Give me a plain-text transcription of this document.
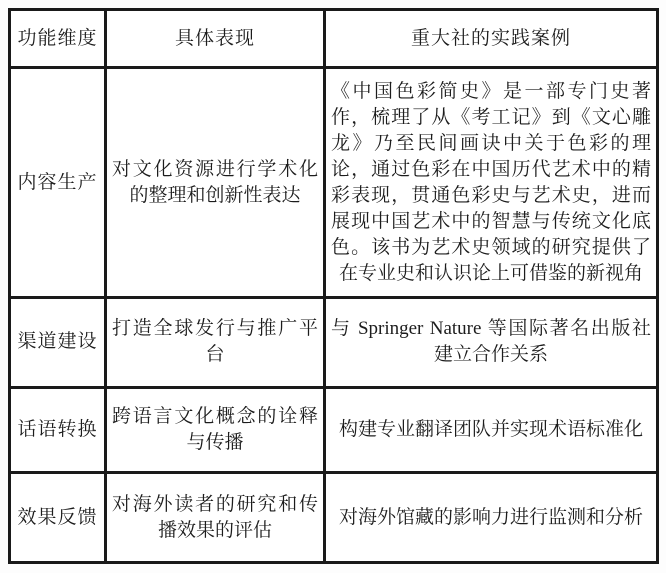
功能维度	具体表现	重大社的实践案例
内容生产	对文化资源进行学术化的整理和创新性表达	《中国色彩简史》是一部专门史著作，梳理了从《考工记》到《文心雕龙》乃至民间画诀中关于色彩的理论，通过色彩在中国历代艺术中的精彩表现，贯通色彩史与艺术史，进而展现中国艺术中的智慧与传统文化底色。该书为艺术史领域的研究提供了在专业史和认识论上可借鉴的新视角
渠道建设	打造全球发行与推广平台	与 Springer Nature 等国际著名出版社建立合作关系
话语转换	跨语言文化概念的诠释与传播	构建专业翻译团队并实现术语标准化
效果反馈	对海外读者的研究和传播效果的评估	对海外馆藏的影响力进行监测和分析
